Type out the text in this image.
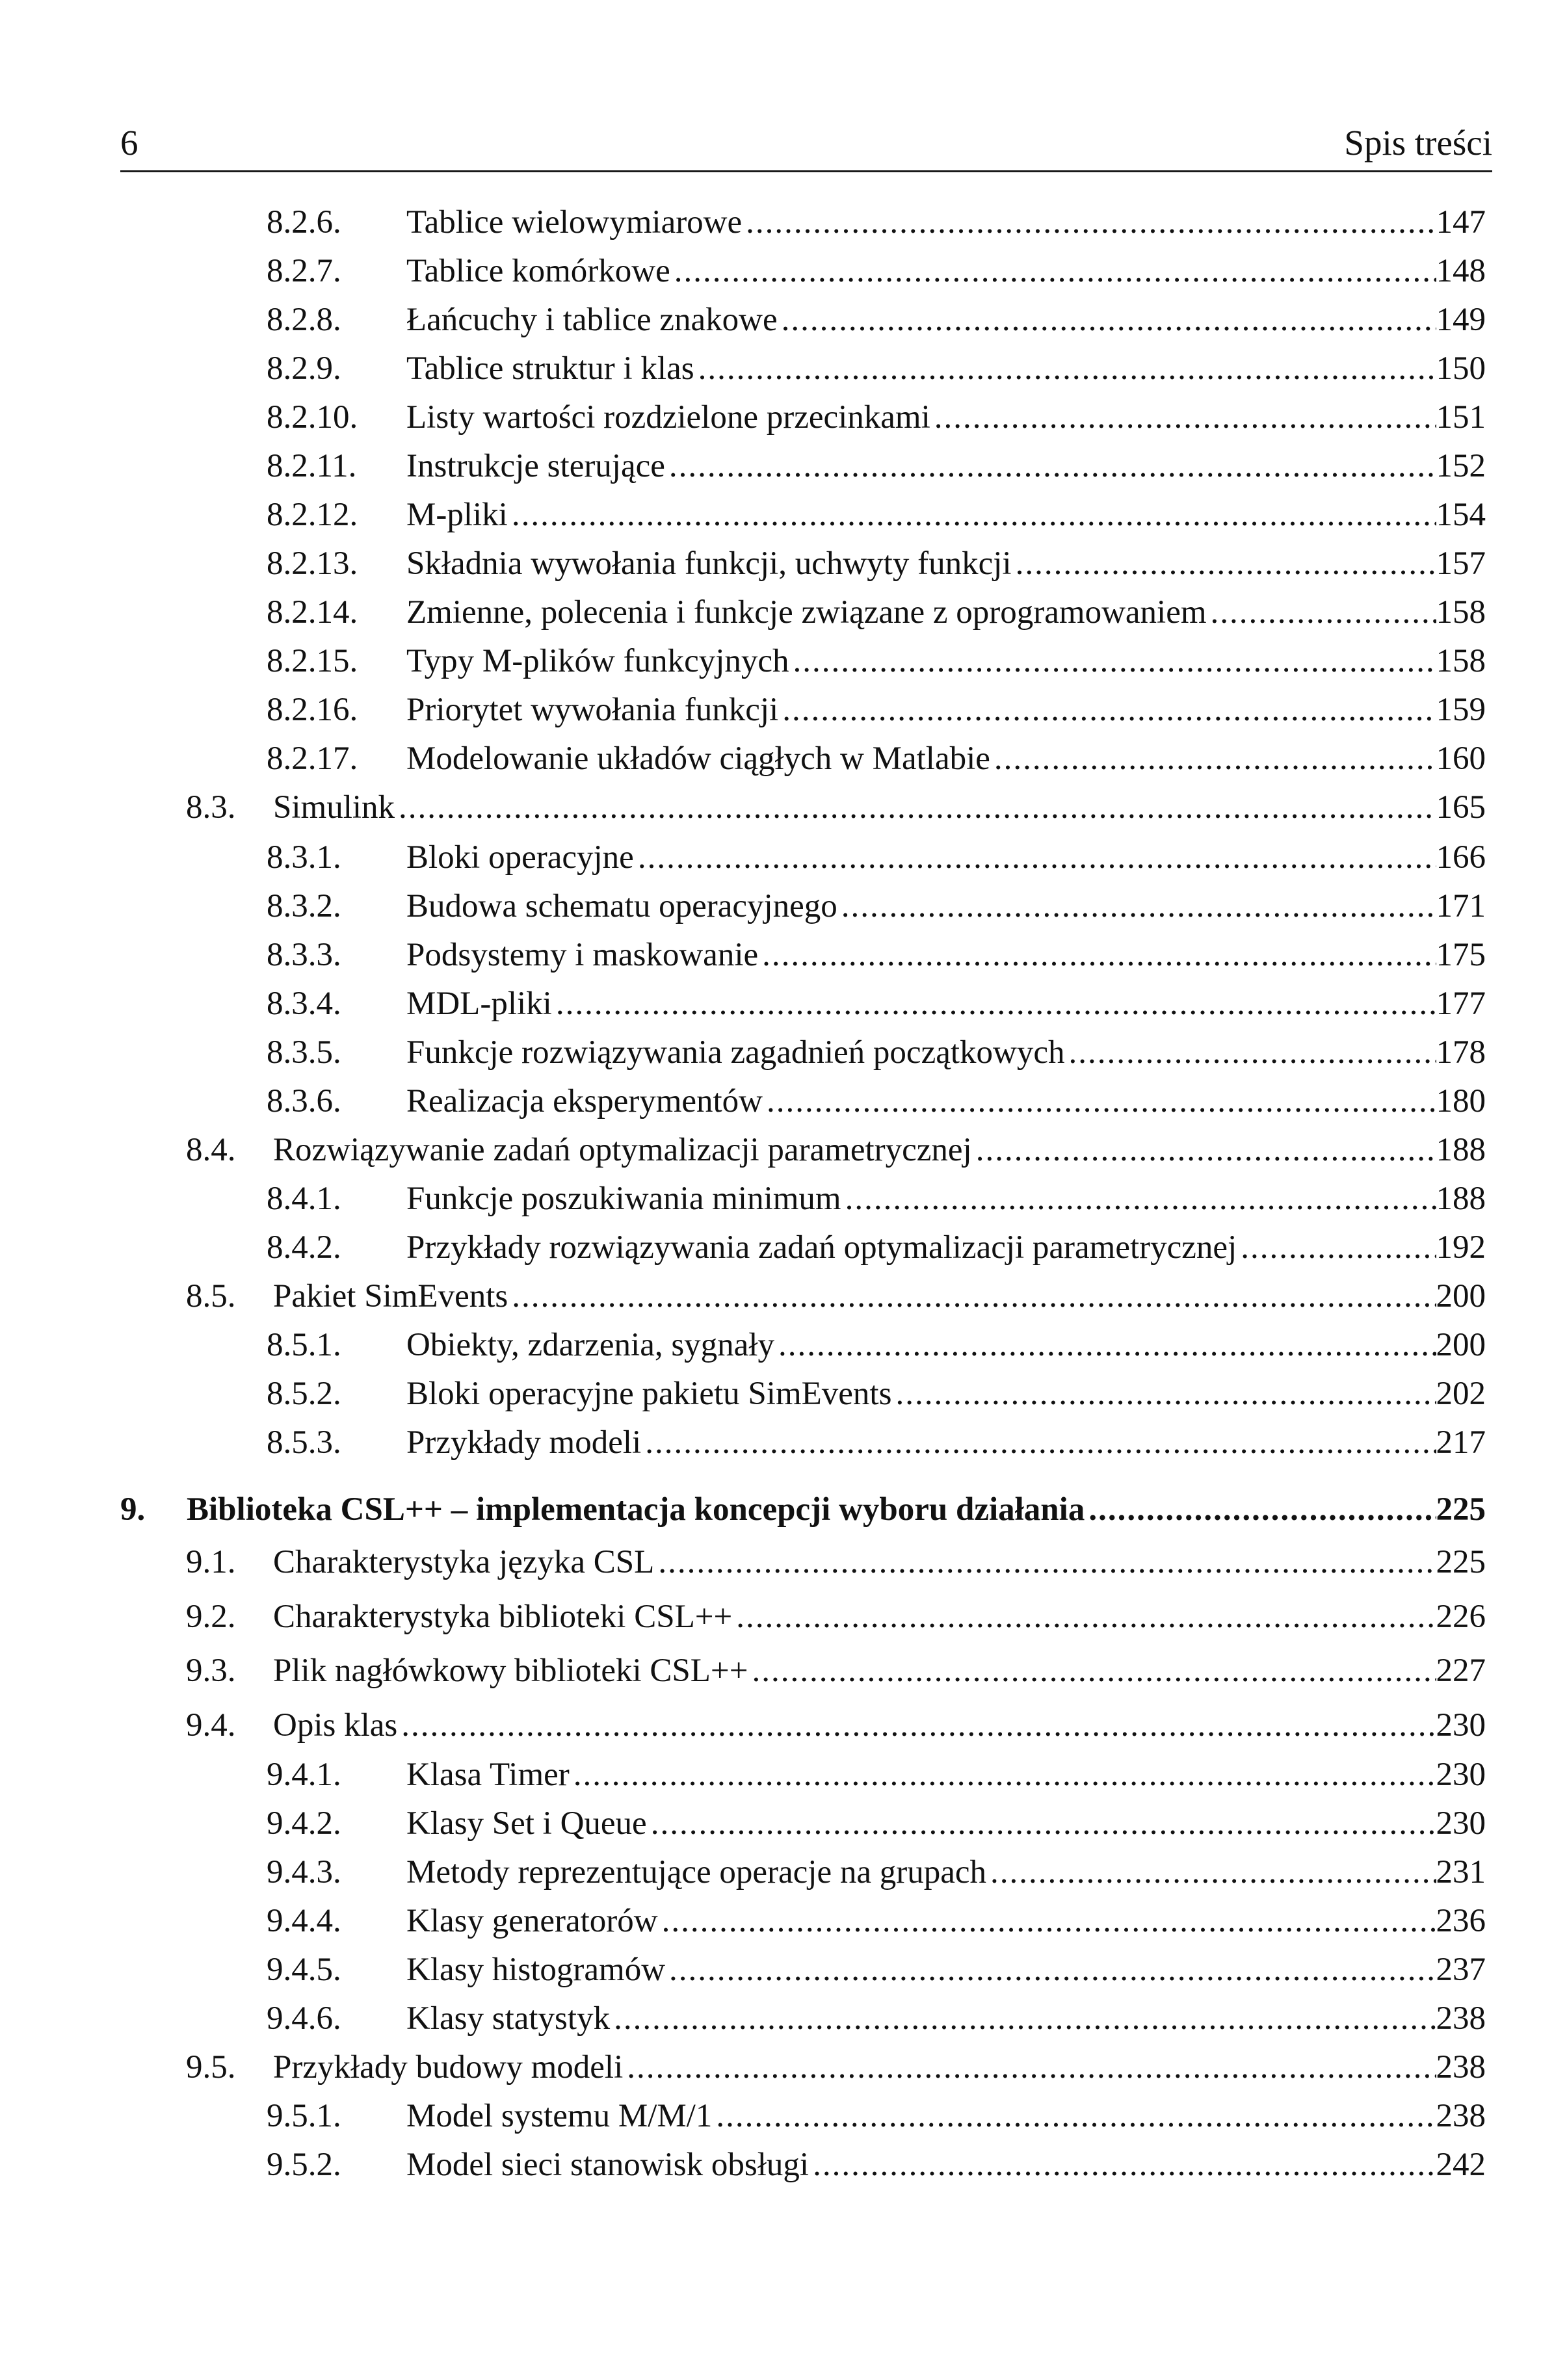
6	Spis treści
8.2.6. Tablice wielowymiarowe .....	147
8.2.7. Tablice komórkowe .....	148
8.2.8. Łańcuchy i tablice znakowe .....	149
8.2.9. Tablice struktur i klas .....	150
8.2.10. Listy wartości rozdzielone przecinkami .....	151
8.2.11. Instrukcje sterujące .....	152
8.2.12. M-pliki .....	154
8.2.13. Składnia wywołania funkcji, uchwyty funkcji .....	157
8.2.14. Zmienne, polecenia i funkcje związane z oprogramowaniem .....	158
8.2.15. Typy M-plików funkcyjnych .....	158
8.2.16. Priorytet wywołania funkcji .....	159
8.2.17. Modelowanie układów ciągłych w Matlabie .....	160
8.3. Simulink .....	165
8.3.1. Bloki operacyjne .....	166
8.3.2. Budowa schematu operacyjnego .....	171
8.3.3. Podsystemy i maskowanie .....	175
8.3.4. MDL-pliki .....	177
8.3.5. Funkcje rozwiązywania zagadnień początkowych .....	178
8.3.6. Realizacja eksperymentów .....	180
8.4. Rozwiązywanie zadań optymalizacji parametrycznej .....	188
8.4.1. Funkcje poszukiwania minimum .....	188
8.4.2. Przykłady rozwiązywania zadań optymalizacji parametrycznej .....	192
8.5. Pakiet SimEvents .....	200
8.5.1. Obiekty, zdarzenia, sygnały .....	200
8.5.2. Bloki operacyjne pakietu SimEvents .....	202
8.5.3. Przykłady modeli .....	217
9. Biblioteka CSL++ – implementacja koncepcji wyboru działania .....	225
9.1. Charakterystyka języka CSL .....	225
9.2. Charakterystyka biblioteki CSL++ .....	226
9.3. Plik nagłówkowy biblioteki CSL++ .....	227
9.4. Opis klas .....	230
9.4.1. Klasa Timer .....	230
9.4.2. Klasy Set i Queue .....	230
9.4.3. Metody reprezentujące operacje na grupach .....	231
9.4.4. Klasy generatorów .....	236
9.4.5. Klasy histogramów .....	237
9.4.6. Klasy statystyk .....	238
9.5. Przykłady budowy modeli .....	238
9.5.1. Model systemu M/M/1 .....	238
9.5.2. Model sieci stanowisk obsługi .....	242
